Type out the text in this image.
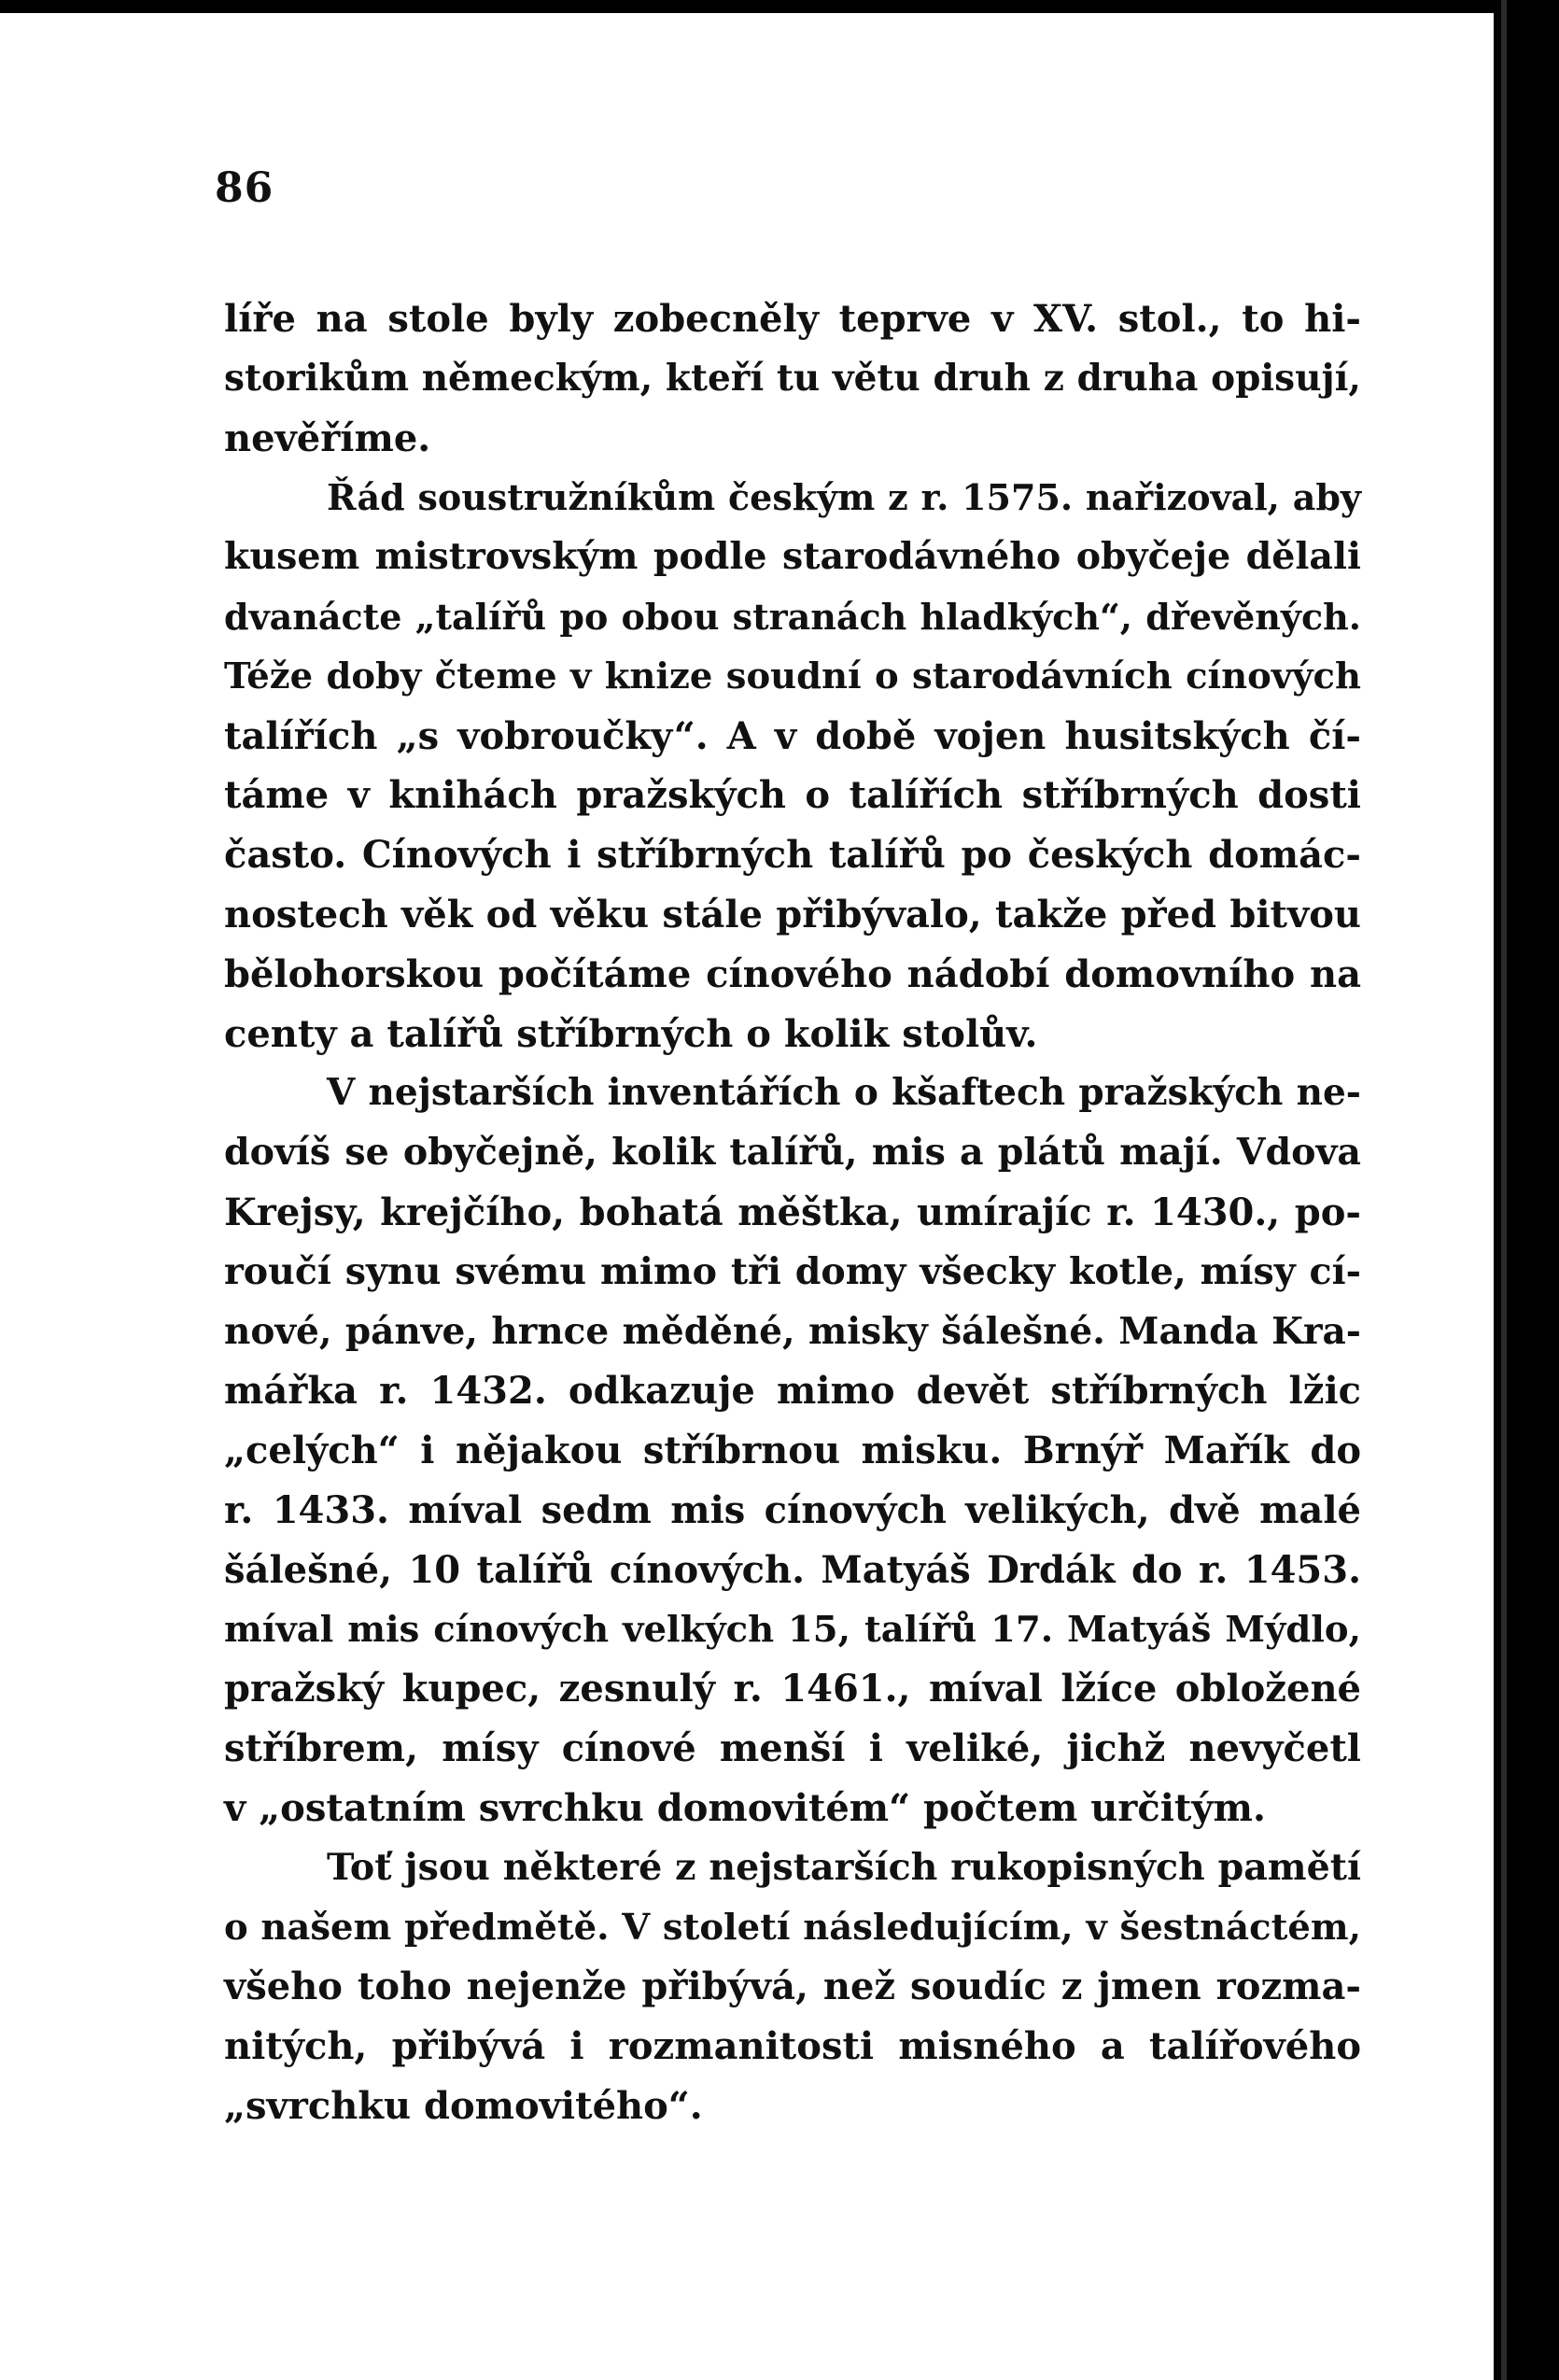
86
líře na stole byly zobecněly teprve v XV. stol., to hi-
storikům německým, kteří tu větu druh z druha opisují,
nevěříme.
Řád soustružníkům českým z r. 1575. nařizoval, aby
kusem mistrovským podle starodávného obyčeje dělali
dvanácte „talířů po obou stranách hladkých“, dřevěných.
Téže doby čteme v knize soudní o starodávních cínových
talířích „s vobroučky“. A v době vojen husitských čí-
táme v knihách pražských o talířích stříbrných dosti
často. Cínových i stříbrných talířů po českých domác-
nostech věk od věku stále přibývalo, takže před bitvou
bělohorskou počítáme cínového nádobí domovního na
centy a talířů stříbrných o kolik stolův.
V nejstarších inventářích o kšaftech pražských ne-
dovíš se obyčejně, kolik talířů, mis a plátů mají. Vdova
Krejsy, krejčího, bohatá měštka, umírajíc r. 1430., po-
roučí synu svému mimo tři domy všecky kotle, mísy cí-
nové, pánve, hrnce měděné, misky šálešné. Manda Kra-
mářka r. 1432. odkazuje mimo devět stříbrných lžic
„celých“ i nějakou stříbrnou misku. Brnýř Mařík do
r. 1433. míval sedm mis cínových velikých, dvě malé
šálešné, 10 talířů cínových. Matyáš Drdák do r. 1453.
míval mis cínových velkých 15, talířů 17. Matyáš Mýdlo,
pražský kupec, zesnulý r. 1461., míval lžíce obložené
stříbrem, mísy cínové menší i veliké, jichž nevyčetl
v „ostatním svrchku domovitém“ počtem určitým.
Toť jsou některé z nejstarších rukopisných pamětí
o našem předmětě. V století následujícím, v šestnáctém,
všeho toho nejenže přibývá, než soudíc z jmen rozma-
nitých, přibývá i rozmanitosti misného a talířového
„svrchku domovitého“.
